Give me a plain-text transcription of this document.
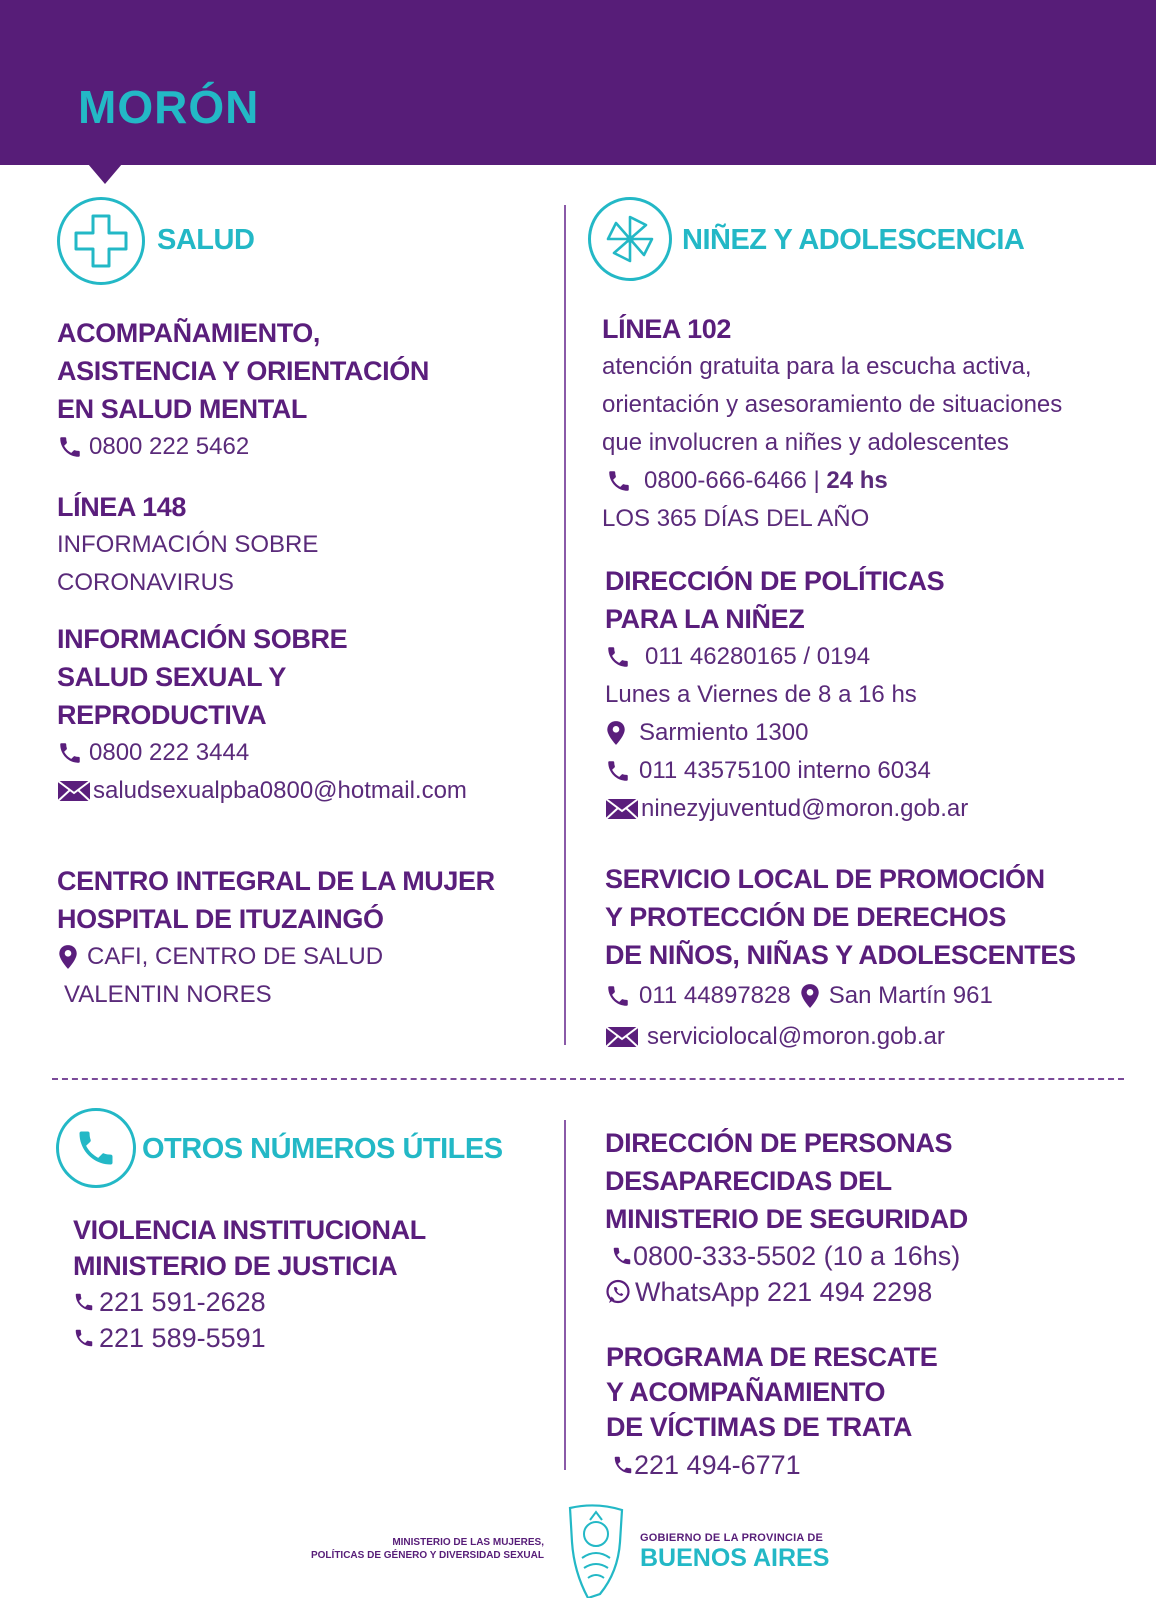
MORÓN
SALUD
ACOMPAÑAMIENTO,
ASISTENCIA Y ORIENTACIÓN
EN SALUD MENTAL
0800 222 5462
LÍNEA 148
INFORMACIÓN SOBRE
CORONAVIRUS
INFORMACIÓN SOBRE
SALUD SEXUAL Y
REPRODUCTIVA
0800 222 3444
saludsexualpba0800@hotmail.com
CENTRO INTEGRAL DE LA MUJER
HOSPITAL DE ITUZAINGÓ
CAFI, CENTRO DE SALUD
VALENTIN NORES
NIÑEZ Y ADOLESCENCIA
LÍNEA 102
atención gratuita para la escucha activa,
orientación y asesoramiento de situaciones
que involucren a niñes y adolescentes
0800-666-6466 |
24 hs
LOS 365 DÍAS DEL AÑO
DIRECCIÓN DE POLÍTICAS
PARA LA NIÑEZ
011 46280165 / 0194
Lunes a Viernes de 8 a 16 hs
Sarmiento 1300
011 43575100 interno 6034
ninezyjuventud@moron.gob.ar
SERVICIO LOCAL DE PROMOCIÓN
Y PROTECCIÓN DE DERECHOS
DE NIÑOS, NIÑAS Y ADOLESCENTES
011 44897828 San Martín 961
serviciolocal@moron.gob.ar
OTROS NÚMEROS ÚTILES
VIOLENCIA INSTITUCIONAL
MINISTERIO DE JUSTICIA
221 591-2628
221 589-5591
DIRECCIÓN DE PERSONAS
DESAPARECIDAS DEL
MINISTERIO DE SEGURIDAD
0800-333-5502 (10 a 16hs)
WhatsApp 221 494 2298
PROGRAMA DE RESCATE
Y ACOMPAÑAMIENTO
DE VÍCTIMAS DE TRATA
221 494-6771
MINISTERIO DE LAS MUJERES,
POLÍTICAS DE GÉNERO Y DIVERSIDAD SEXUAL
GOBIERNO DE LA PROVINCIA DE
BUENOS AIRES
